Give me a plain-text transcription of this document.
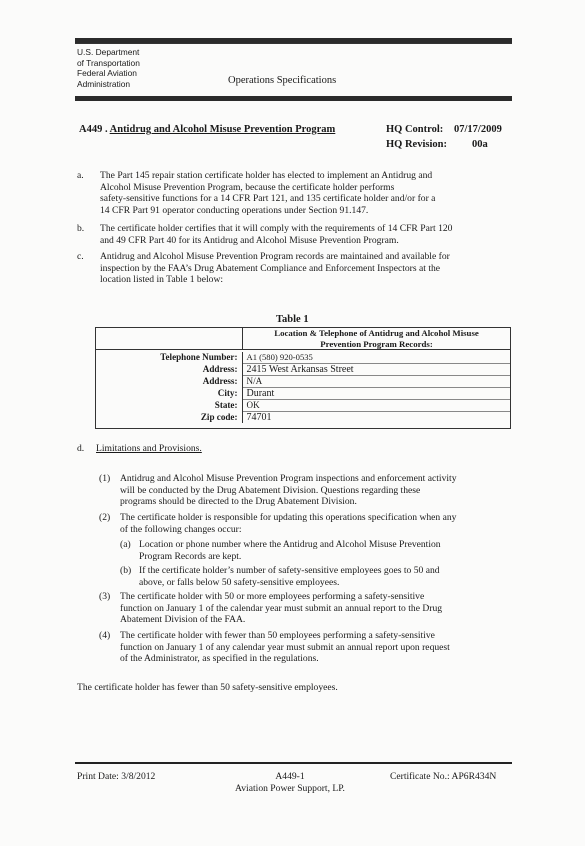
U.S. Department
of Transportation
Federal Aviation
Administration	Operations Specifications
A449 . Antidrug and Alcohol Misuse Prevention Program	HQ Control: 07/17/2009
HQ Revision: 00a
a. The Part 145 repair station certificate holder has elected to implement an Antidrug and
Alcohol Misuse Prevention Program, because the certificate holder performs
safety-sensitive functions for a 14 CFR Part 121, and 135 certificate holder and/or for a
14 CFR Part 91 operator conducting operations under Section 91.147.
b. The certificate holder certifies that it will comply with the requirements of 14 CFR Part 120
and 49 CFR Part 40 for its Antidrug and Alcohol Misuse Prevention Program.
c. Antidrug and Alcohol Misuse Prevention Program records are maintained and available for
inspection by the FAA’s Drug Abatement Compliance and Enforcement Inspectors at the
location listed in Table 1 below:
Table 1
Location & Telephone of Antidrug and Alcohol Misuse
Prevention Program Records:
Telephone Number:	A1 (580) 920-0535
Address:	2415 West Arkansas Street
Address:	N/A
City:	Durant
State:	OK
Zip code:	74701
d. Limitations and Provisions.
(1) Antidrug and Alcohol Misuse Prevention Program inspections and enforcement activity
will be conducted by the Drug Abatement Division. Questions regarding these
programs should be directed to the Drug Abatement Division.
(2) The certificate holder is responsible for updating this operations specification when any
of the following changes occur:
(a) Location or phone number where the Antidrug and Alcohol Misuse Prevention
Program Records are kept.
(b) If the certificate holder’s number of safety-sensitive employees goes to 50 and
above, or falls below 50 safety-sensitive employees.
(3) The certificate holder with 50 or more employees performing a safety-sensitive
function on January 1 of the calendar year must submit an annual report to the Drug
Abatement Division of the FAA.
(4) The certificate holder with fewer than 50 employees performing a safety-sensitive
function on January 1 of any calendar year must submit an annual report upon request
of the Administrator, as specified in the regulations.
The certificate holder has fewer than 50 safety-sensitive employees.
Print Date: 3/8/2012	A449-1
Aviation Power Support, LP.
Certificate No.: AP6R434N
